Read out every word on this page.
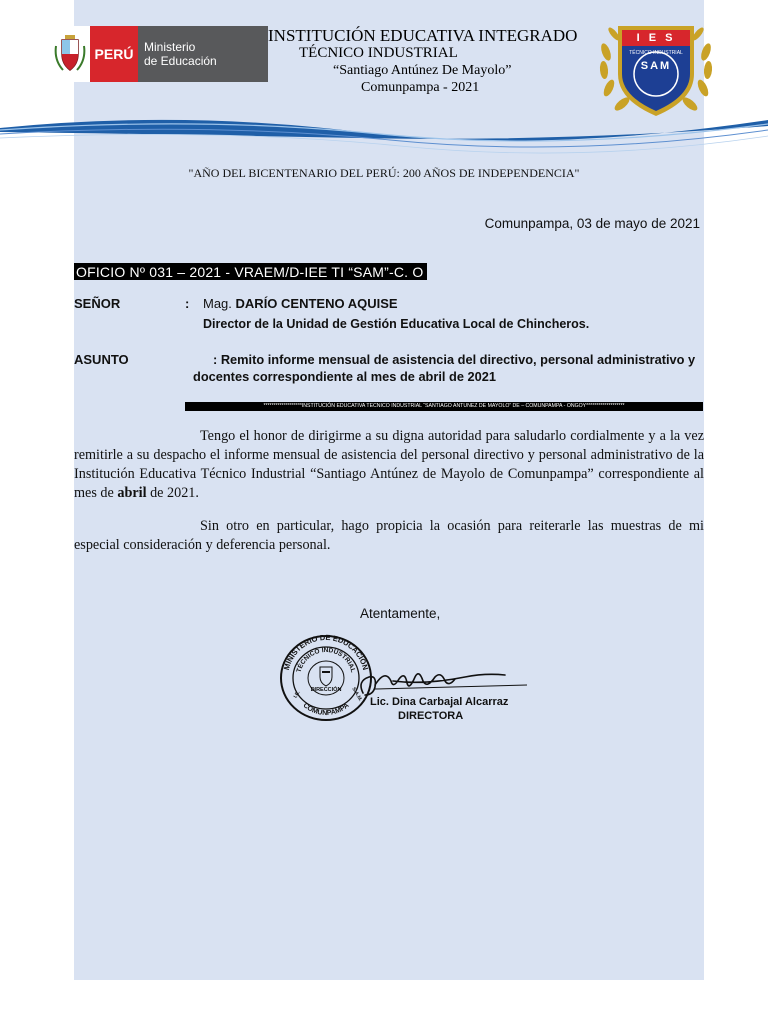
PERÚ Ministerio
de Educación
INSTITUCIÓN EDUCATIVA INTEGRADO
TÉCNICO INDUSTRIAL
“Santiago Antúnez De Mayolo”
Comunpampa - 2021
I E S
TÉCNICO INDUSTRIAL
SAM
"AÑO DEL BICENTENARIO DEL PERÚ: 200 AÑOS DE INDEPENDENCIA"
Comunpampa, 03 de mayo de 2021
OFICIO Nº 031 – 2021 - VRAEM/D-IEE TI “SAM”-C. O
SEÑOR	: Mag. DARÍO CENTENO AQUISE
Director de la Unidad de Gestión Educativa Local de Chincheros.
ASUNTO	: Remito informe mensual de asistencia del directivo, personal administrativo y
docentes correspondiente al mes de abril de 2021
*******************INSTITUCIÓN EDUCATIVA TECNICO INDUSTRIAL “SANTIAGO ANTUNEZ DE MAYOLO” DE – COMUNPAMPA - ONGOY*******************
Tengo el honor de dirigirme a su digna autoridad para saludarlo cordialmente y a la vez remitirle a su despacho el informe mensual de asistencia del personal directivo y personal administrativo de la Institución Educativa Técnico Industrial “Santiago Antúnez de Mayolo de Comunpampa” correspondiente al mes de abril de 2021.
Sin otro en particular, hago propicia la ocasión para reiterarle las muestras de mi especial consideración y deferencia personal.
Atentamente,
MINISTERIO DE EDUCACIÓN
TÉCNICO INDUSTRIAL
COMUNPAMPA
DIRECCIÓN
I.E.	S.A.M. Lic. Dina Carbajal Alcarraz
DIRECTORA
